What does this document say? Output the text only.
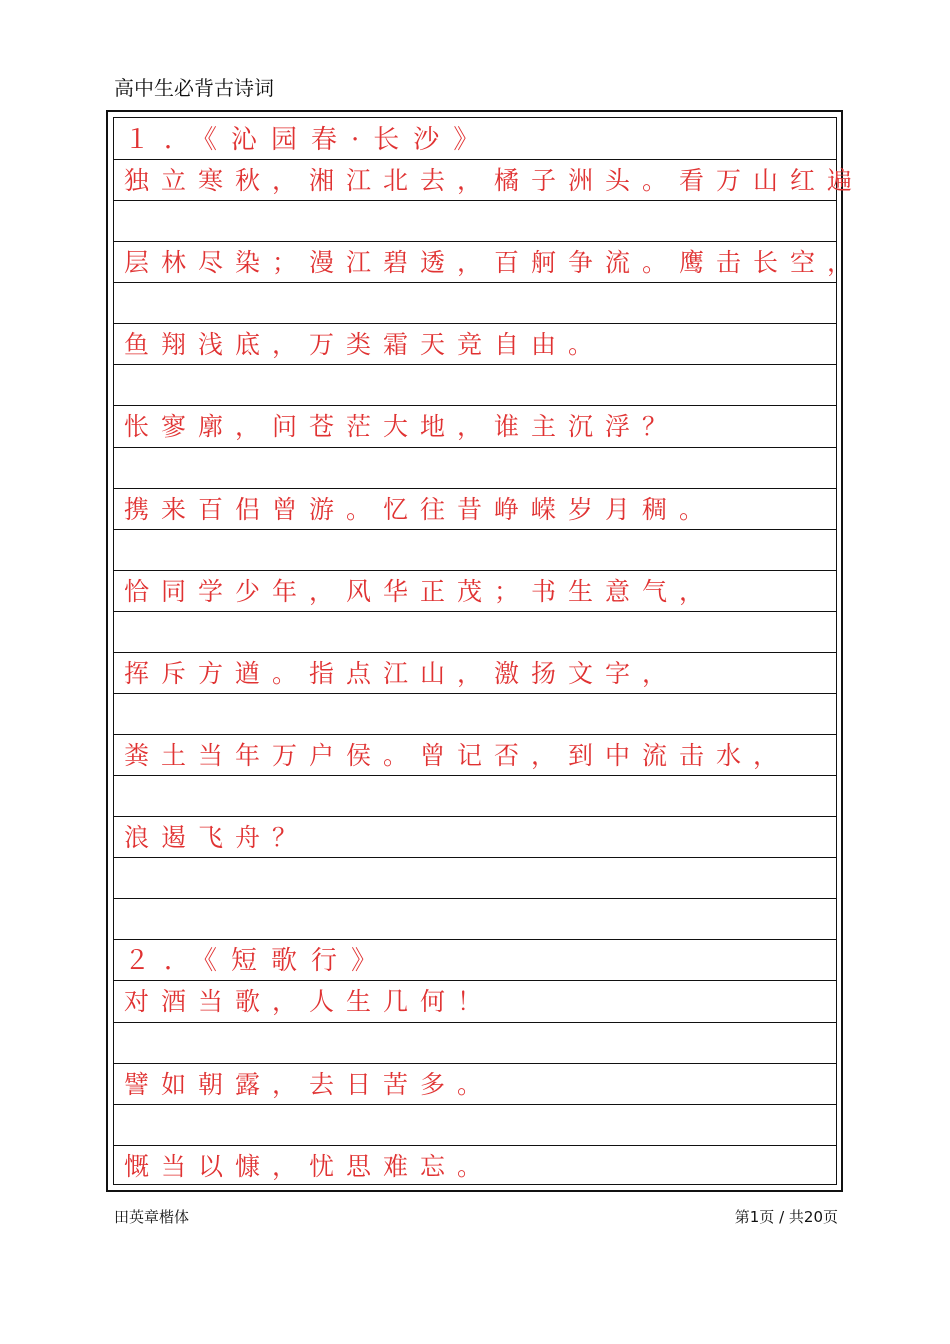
高中生必背古诗词
１．《沁园春·长沙》
独立寒秋，湘江北去，橘子洲头。看万山红遍
层林尽染；漫江碧透，百舸争流。鹰击长空，
鱼翔浅底，万类霜天竞自由。
怅寥廓，问苍茫大地，谁主沉浮？
携来百侣曾游。忆往昔峥嵘岁月稠。
恰同学少年，风华正茂；书生意气，
挥斥方遒。指点江山，激扬文字，
粪土当年万户侯。曾记否，到中流击水，
浪遏飞舟？
２．《短歌行》
对酒当歌，人生几何！
譬如朝露，去日苦多。
慨当以慷，忧思难忘。
田英章楷体	第1页 / 共20页
